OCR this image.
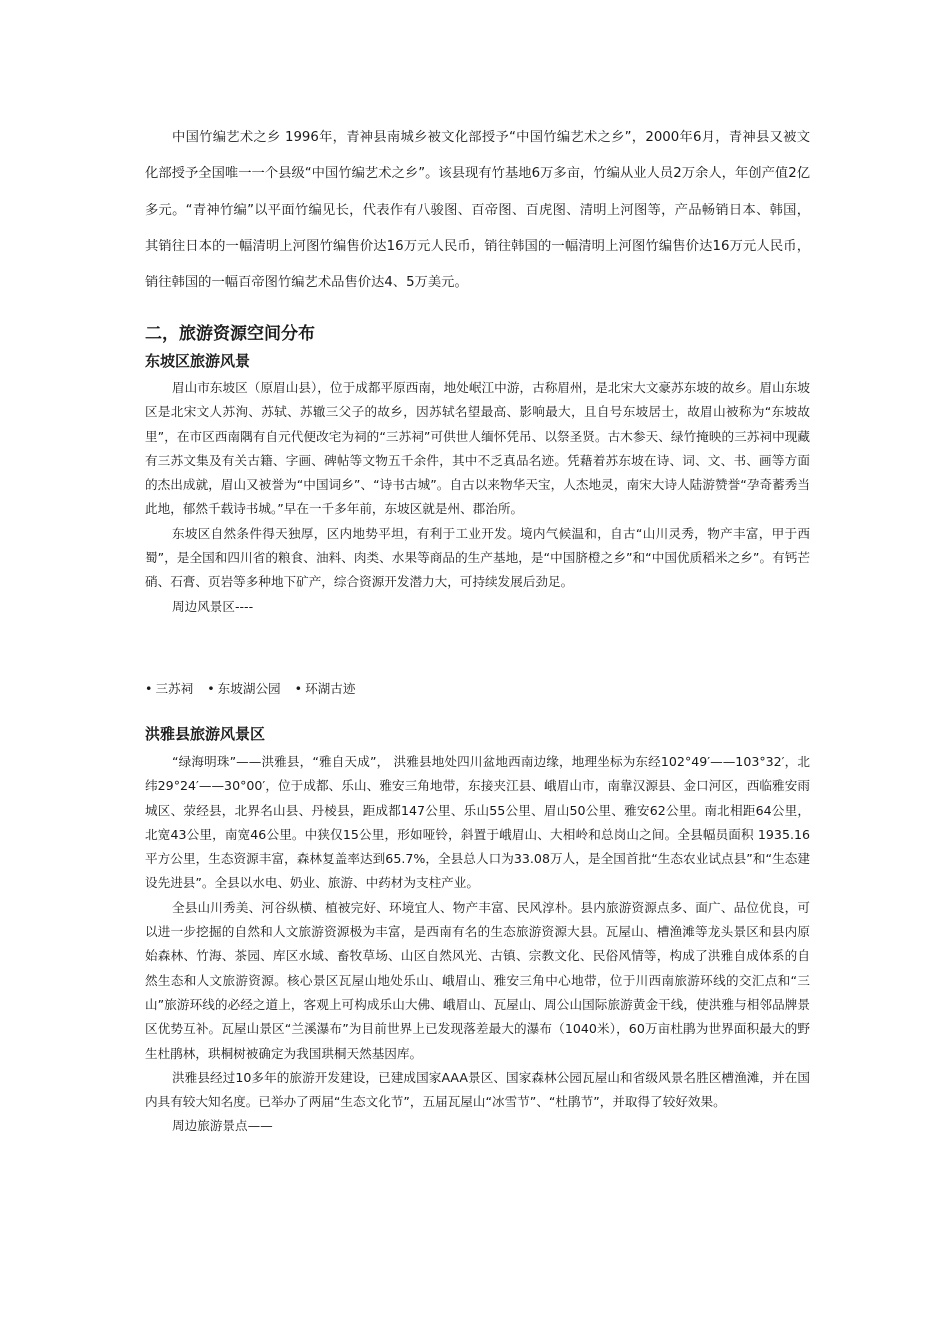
中国竹编艺术之乡 1996年，青神县南城乡被文化部授予“中国竹编艺术之乡”，2000年6月，青神县又被文化部授予全国唯一一个县级“中国竹编艺术之乡”。该县现有竹基地6万多亩，竹编从业人员2万余人，年创产值2亿多元。“青神竹编”以平面竹编见长，代表作有八骏图、百帝图、百虎图、清明上河图等，产品畅销日本、韩国，其销往日本的一幅清明上河图竹编售价达16万元人民币，销往韩国的一幅清明上河图竹编售价达16万元人民币，销往韩国的一幅百帝图竹编艺术品售价达4、5万美元。

二，旅游资源空间分布
东坡区旅游风景

眉山市东坡区（原眉山县），位于成都平原西南，地处岷江中游，古称眉州，是北宋大文豪苏东坡的故乡。眉山东坡区是北宋文人苏洵、苏轼、苏辙三父子的故乡，因苏轼名望最高、影响最大，且自号东坡居士，故眉山被称为“东坡故里”，在市区西南隅有自元代便改宅为祠的“三苏祠”可供世人缅怀凭吊、以祭圣贤。古木参天、绿竹掩映的三苏祠中现藏有三苏文集及有关古籍、字画、碑帖等文物五千余件，其中不乏真品名迹。凭藉着苏东坡在诗、词、文、书、画等方面的杰出成就，眉山又被誉为“中国词乡”、“诗书古城”。自古以来物华天宝，人杰地灵，南宋大诗人陆游赞誉“孕奇蓄秀当此地，郁然千载诗书城。”早在一千多年前，东坡区就是州、郡治所。

东坡区自然条件得天独厚，区内地势平坦，有利于工业开发。境内气候温和，自古“山川灵秀，物产丰富，甲于西蜀”，是全国和四川省的粮食、油料、肉类、水果等商品的生产基地，是“中国脐橙之乡”和“中国优质稻米之乡”。有钙芒硝、石膏、页岩等多种地下矿产，综合资源开发潜力大，可持续发展后劲足。

周边风景区----

• 三苏祠 • 东坡湖公园 • 环湖古迹
洪雅县旅游风景区

“绿海明珠”——洪雅县，“雅自天成”， 洪雅县地处四川盆地西南边缘，地理坐标为东经102°49′——103°32′，北纬29°24′——30°00′，位于成都、乐山、雅安三角地带，东接夹江县、峨眉山市，南靠汉源县、金口河区，西临雅安雨城区、荥经县，北界名山县、丹棱县，距成都147公里、乐山55公里、眉山50公里、雅安62公里。南北相距64公里，北宽43公里，南宽46公里。中狭仅15公里，形如哑铃，斜置于峨眉山、大相岭和总岗山之间。全县幅员面积 1935.16平方公里，生态资源丰富，森林复盖率达到65.7%，全县总人口为33.08万人，是全国首批“生态农业试点县”和“生态建设先进县”。全县以水电、奶业、旅游、中药材为支柱产业。

全县山川秀美、河谷纵横、植被完好、环境宜人、物产丰富、民风淳朴。县内旅游资源点多、面广、品位优良，可以进一步挖掘的自然和人文旅游资源极为丰富，是西南有名的生态旅游资源大县。瓦屋山、槽渔滩等龙头景区和县内原始森林、竹海、茶园、库区水域、畜牧草场、山区自然风光、古镇、宗教文化、民俗风情等，构成了洪雅自成体系的自然生态和人文旅游资源。核心景区瓦屋山地处乐山、峨眉山、雅安三角中心地带，位于川西南旅游环线的交汇点和“三山”旅游环线的必经之道上，客观上可构成乐山大佛、峨眉山、瓦屋山、周公山国际旅游黄金干线，使洪雅与相邻品牌景区优势互补。瓦屋山景区“兰溪瀑布”为目前世界上已发现落差最大的瀑布（1040米），60万亩杜鹃为世界面积最大的野生杜鹃林，珙桐树被确定为我国珙桐天然基因库。

洪雅县经过10多年的旅游开发建设，已建成国家AAA景区、国家森林公园瓦屋山和省级风景名胜区槽渔滩，并在国内具有较大知名度。已举办了两届“生态文化节”，五届瓦屋山“冰雪节”、“杜鹃节”，并取得了较好效果。

周边旅游景点——
